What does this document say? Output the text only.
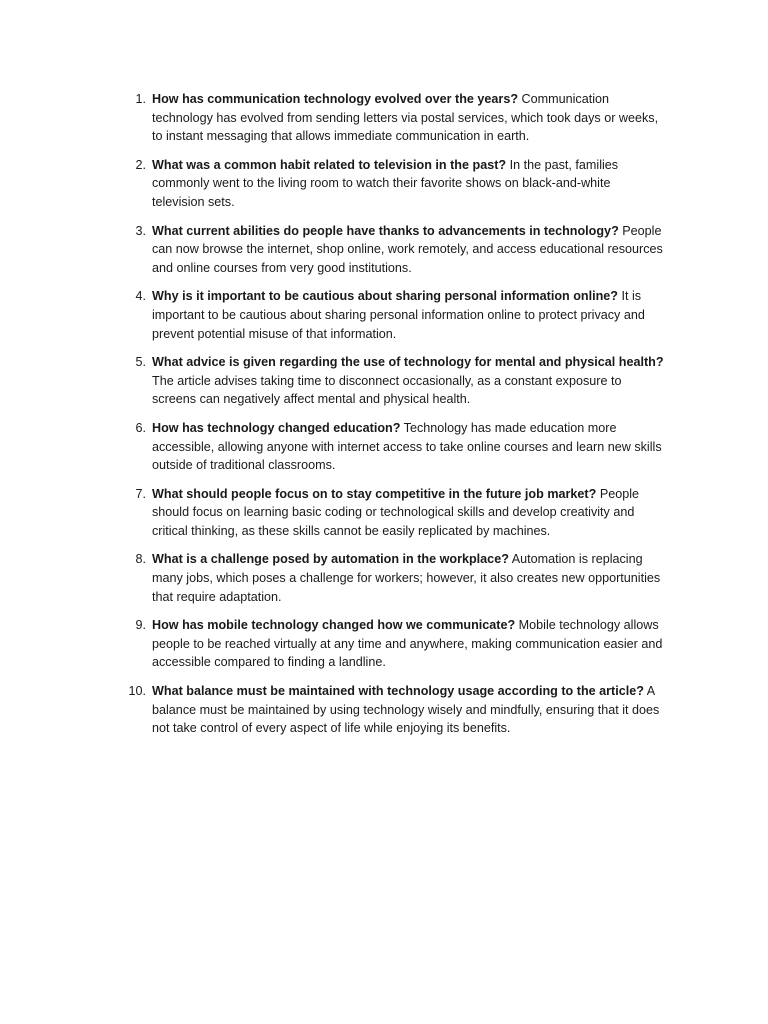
1. How has communication technology evolved over the years? Communication technology has evolved from sending letters via postal services, which took days or weeks, to instant messaging that allows immediate communication in earth.
2. What was a common habit related to television in the past? In the past, families commonly went to the living room to watch their favorite shows on black-and-white television sets.
3. What current abilities do people have thanks to advancements in technology? People can now browse the internet, shop online, work remotely, and access educational resources and online courses from very good institutions.
4. Why is it important to be cautious about sharing personal information online? It is important to be cautious about sharing personal information online to protect privacy and prevent potential misuse of that information.
5. What advice is given regarding the use of technology for mental and physical health? The article advises taking time to disconnect occasionally, as a constant exposure to screens can negatively affect mental and physical health.
6. How has technology changed education? Technology has made education more accessible, allowing anyone with internet access to take online courses and learn new skills outside of traditional classrooms.
7. What should people focus on to stay competitive in the future job market? People should focus on learning basic coding or technological skills and develop creativity and critical thinking, as these skills cannot be easily replicated by machines.
8. What is a challenge posed by automation in the workplace? Automation is replacing many jobs, which poses a challenge for workers; however, it also creates new opportunities that require adaptation.
9. How has mobile technology changed how we communicate? Mobile technology allows people to be reached virtually at any time and anywhere, making communication easier and accessible compared to finding a landline.
10. What balance must be maintained with technology usage according to the article? A balance must be maintained by using technology wisely and mindfully, ensuring that it does not take control of every aspect of life while enjoying its benefits.
